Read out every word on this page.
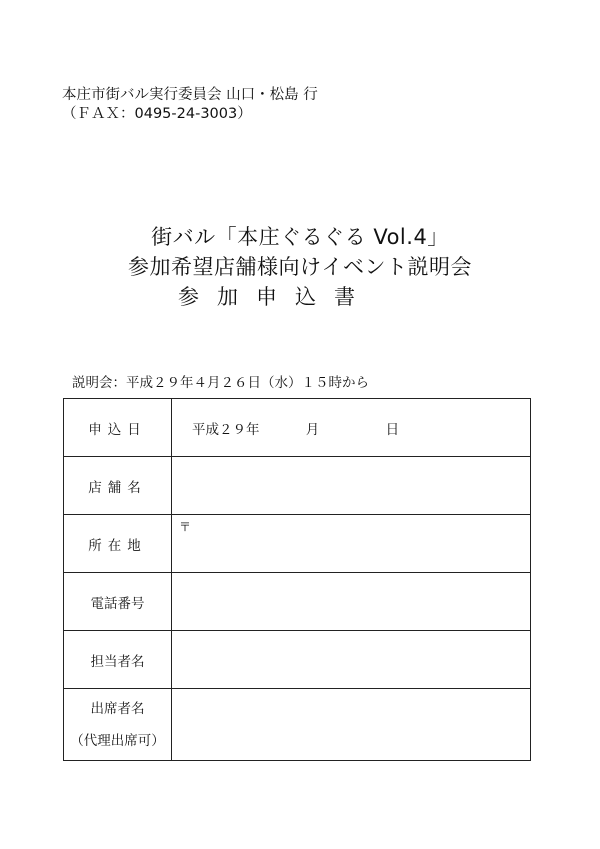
本庄市街バル実行委員会 山口・松島 行
（ＦＡＸ：0495-24-3003）
街バル「本庄ぐるぐる Vol.4」
参加希望店舗様向けイベント説明会
参加申込書
説明会：平成２９年４月２６日（水）１５時から
申込日	平成２９年 月 日

店舗名	
所在地	〒

電話番号	
担当者名	

出席者名
（代理出席可）	
